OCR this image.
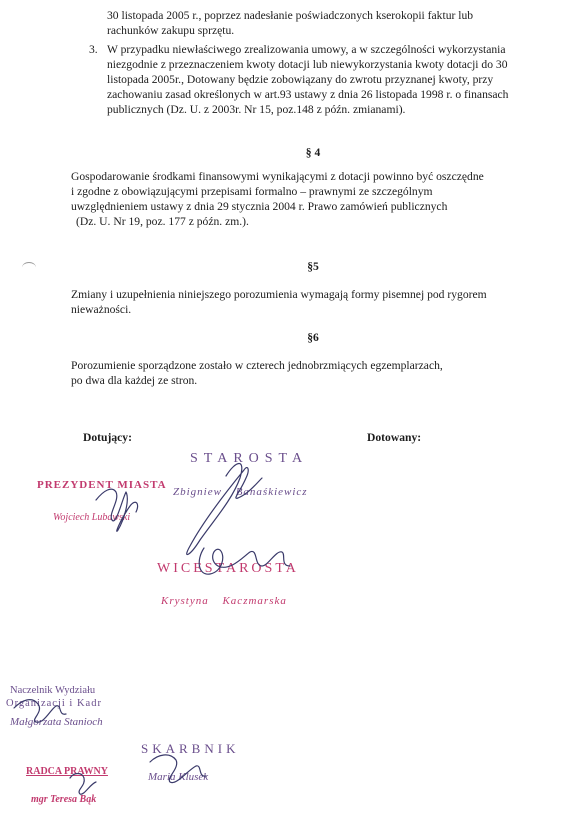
30 listopada 2005 r., poprzez nadesłanie poświadczonych kserokopii faktur lub

rachunków zakupu sprzętu.

3. W przypadku niewłaściwego zrealizowania umowy, a w szczególności wykorzystania

niezgodnie z przeznaczeniem kwoty dotacji lub niewykorzystania kwoty dotacji do 30

listopada 2005r., Dotowany będzie zobowiązany do zwrotu przyznanej kwoty, przy

zachowaniu zasad określonych w art.93 ustawy z dnia 26 listopada 1998 r. o finansach

publicznych (Dz. U. z 2003r. Nr 15, poz.148 z późn. zmianami).

§ 4

Gospodarowanie środkami finansowymi wynikającymi z dotacji powinno być oszczędne

i zgodne z obowiązującymi przepisami formalno – prawnymi ze szczególnym

uwzględnieniem ustawy z dnia 29 stycznia 2004 r. Prawo zamówień publicznych

(Dz. U. Nr 19, poz. 177 z późn. zm.).

§5

Zmiany i uzupełnienia niniejszego porozumienia wymagają formy pisemnej pod rygorem

nieważności.

§6

Porozumienie sporządzone zostało w czterech jednobrzmiących egzemplarzach,

po dwa dla każdej ze stron.

Dotujący:	Dotowany:
STAROSTA
Zbigniew Banaśkiewicz
PREZYDENT MIASTA
Wojciech Lubawski
WICESTAROSTA
Krystyna Kaczmarska
Naczelnik Wydziału
Organizacji i Kadr
Małgorzata Stanioch
SKARBNIK
Maria Klusek
RADCA PRAWNY
mgr Teresa Bąk
